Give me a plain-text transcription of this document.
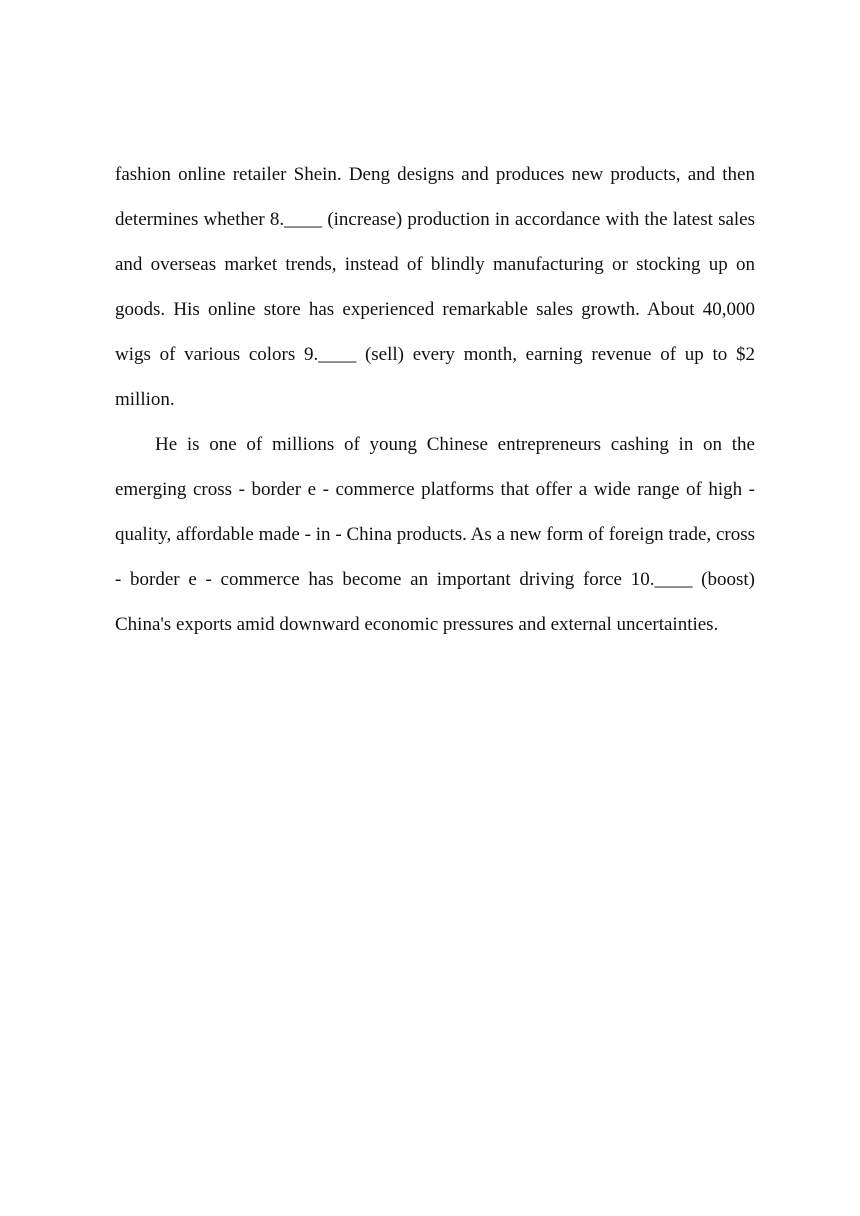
fashion online retailer Shein. Deng designs and produces new products, and then determines whether 8.____ (increase) production in accordance with the latest sales and overseas market trends, instead of blindly manufacturing or stocking up on goods. His online store has experienced remarkable sales growth. About 40,000 wigs of various colors 9.____ (sell) every month, earning revenue of up to $2 million.

He is one of millions of young Chinese entrepreneurs cashing in on the emerging cross - border e - commerce platforms that offer a wide range of high - quality, affordable made - in - China products. As a new form of foreign trade, cross - border e - commerce has become an important driving force 10.____ (boost) China's exports amid downward economic pressures and external uncertainties.
